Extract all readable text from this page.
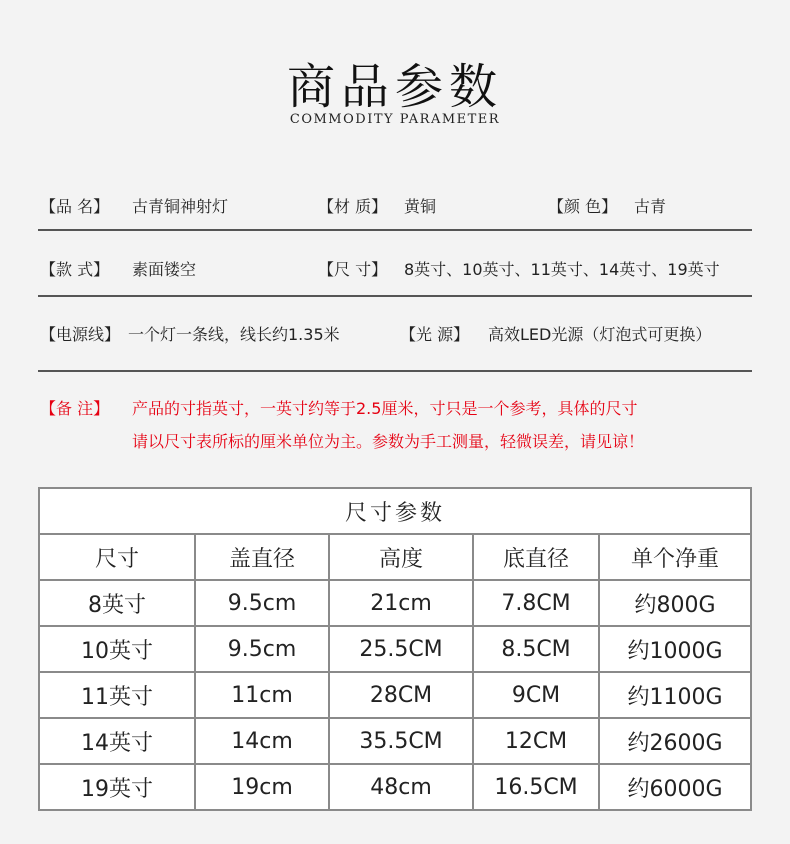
商品参数
COMMODITY PARAMETER
【品 名】 古青铜神射灯	【材 质】 黄铜	【颜 色】 古青
【款 式】 素面镂空	【尺 寸】 8英寸、10英寸、11英寸、14英寸、19英寸
【电源线】 一个灯一条线，线长约1.35米	【光 源】 高效LED光源（灯泡式可更换）
【备 注】 产品的寸指英寸，一英寸约等于2.5厘米，寸只是一个参考，具体的尺寸
请以尺寸表所标的厘米单位为主。参数为手工测量，轻微误差，请见谅！
尺寸参数				
尺寸	盖直径	高度	底直径	单个净重
8英寸	9.5cm	21cm	7.8CM	约800G
10英寸	9.5cm	25.5CM	8.5CM	约1000G
11英寸	11cm	28CM	9CM	约1100G
14英寸	14cm	35.5CM	12CM	约2600G
19英寸	19cm	48cm	16.5CM	约6000G
